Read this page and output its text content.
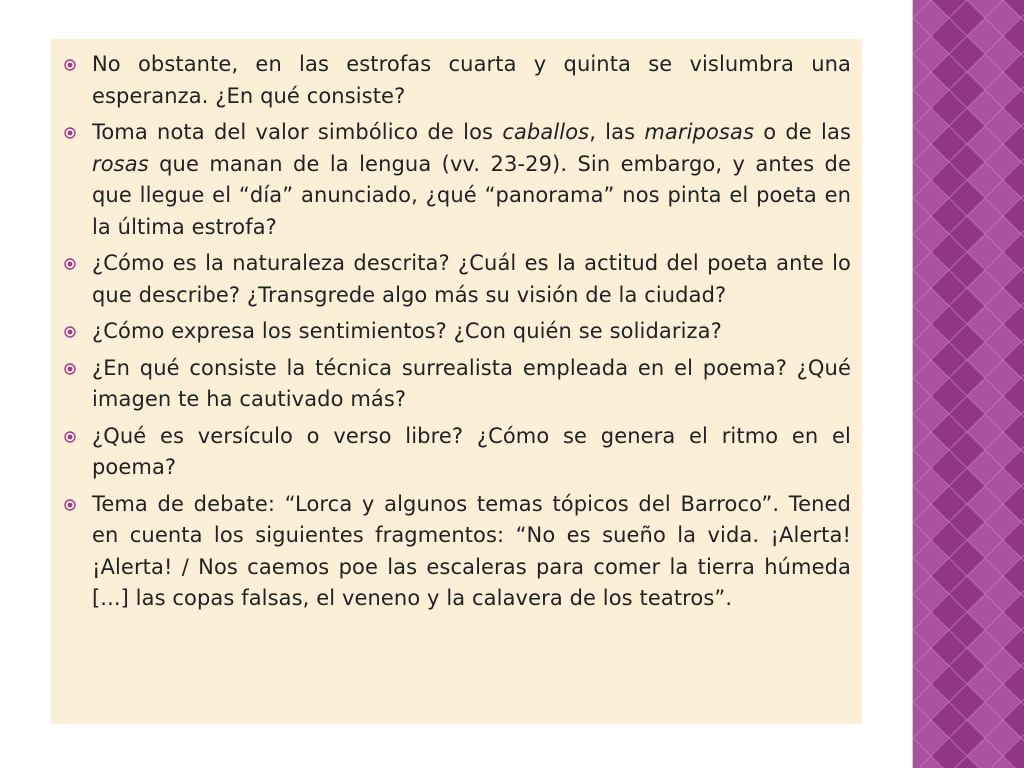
No obstante, en las estrofas cuarta y quinta se vislumbra una esperanza. ¿En qué consiste?
Toma nota del valor simbólico de los caballos, las mariposas o de las rosas que manan de la lengua (vv. 23-29). Sin embargo, y antes de que llegue el “día” anunciado, ¿qué “panorama” nos pinta el poeta en la última estrofa?
¿Cómo es la naturaleza descrita? ¿Cuál es la actitud del poeta ante lo que describe? ¿Transgrede algo más su visión de la ciudad?
¿Cómo expresa los sentimientos? ¿Con quién se solidariza?
¿En qué consiste la técnica surrealista empleada en el poema? ¿Qué imagen te ha cautivado más?
¿Qué es versículo o verso libre? ¿Cómo se genera el ritmo en el poema?
Tema de debate: “Lorca y algunos temas tópicos del Barroco”. Tened en cuenta los siguientes fragmentos: “No es sueño la vida. ¡Alerta! ¡Alerta! / Nos caemos poe las escaleras para comer la tierra húmeda [...] las copas falsas, el veneno y la calavera de los teatros”.
